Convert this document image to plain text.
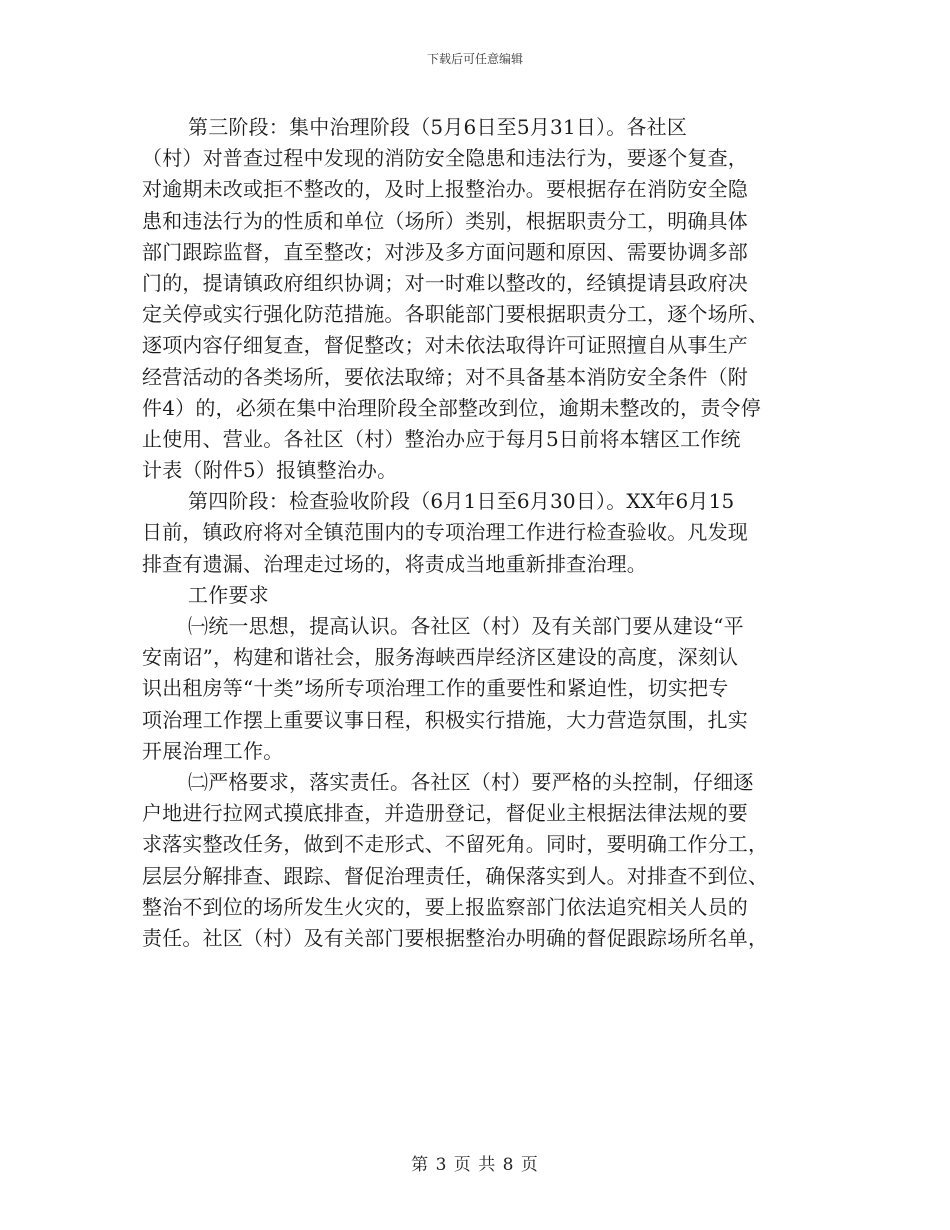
下载后可任意编辑
第三阶段：集中治理阶段（5月6日至5月31日）。各社区
（村）对普查过程中发现的消防安全隐患和违法行为，要逐个复查，
对逾期未改或拒不整改的，及时上报整治办。要根据存在消防安全隐
患和违法行为的性质和单位（场所）类别，根据职责分工，明确具体
部门跟踪监督，直至整改；对涉及多方面问题和原因、需要协调多部
门的，提请镇政府组织协调；对一时难以整改的，经镇提请县政府决
定关停或实行强化防范措施。各职能部门要根据职责分工，逐个场所、
逐项内容仔细复查，督促整改；对未依法取得许可证照擅自从事生产
经营活动的各类场所，要依法取缔；对不具备基本消防安全条件（附
件4）的，必须在集中治理阶段全部整改到位，逾期未整改的，责令停
止使用、营业。各社区（村）整治办应于每月5日前将本辖区工作统
计表（附件5）报镇整治办。
第四阶段：检查验收阶段（6月1日至6月30日）。XX年6月15
日前，镇政府将对全镇范围内的专项治理工作进行检查验收。凡发现
排查有遗漏、治理走过场的，将责成当地重新排查治理。
工作要求
㈠统一思想，提高认识。各社区（村）及有关部门要从建设“平
安南诏”，构建和谐社会，服务海峡西岸经济区建设的高度，深刻认
识出租房等“十类”场所专项治理工作的重要性和紧迫性，切实把专
项治理工作摆上重要议事日程，积极实行措施，大力营造氛围，扎实
开展治理工作。
㈡严格要求，落实责任。各社区（村）要严格的头控制，仔细逐
户地进行拉网式摸底排查，并造册登记，督促业主根据法律法规的要
求落实整改任务，做到不走形式、不留死角。同时，要明确工作分工，
层层分解排查、跟踪、督促治理责任，确保落实到人。对排查不到位、
整治不到位的场所发生火灾的，要上报监察部门依法追究相关人员的
责任。社区（村）及有关部门要根据整治办明确的督促跟踪场所名单，
第 3 页 共 8 页
